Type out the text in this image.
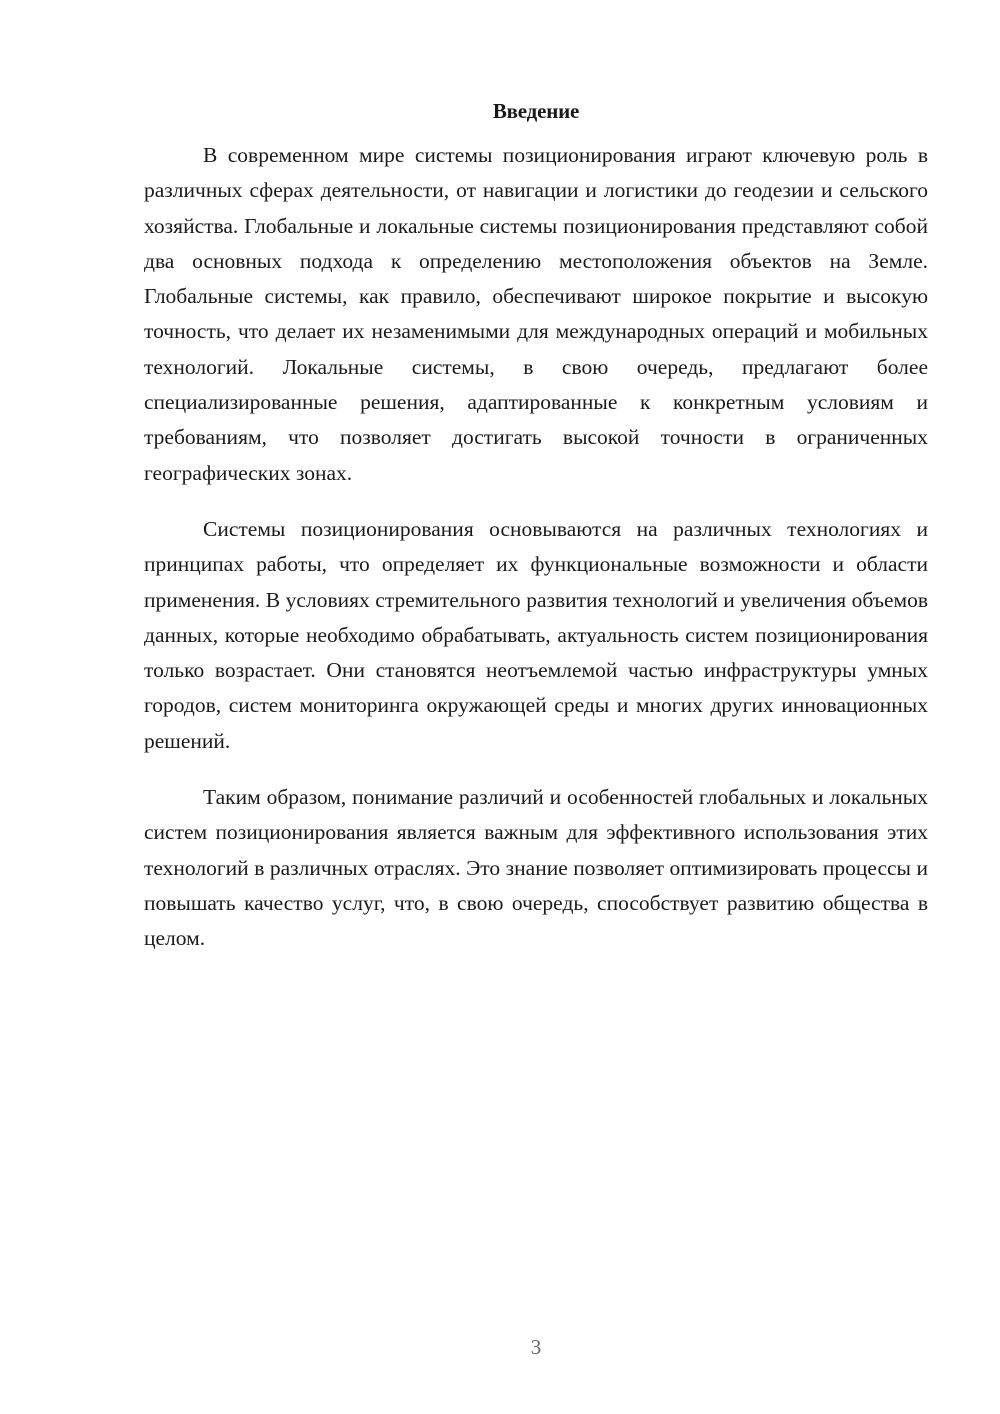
Введение

В современном мире системы позиционирования играют ключевую роль в различных сферах деятельности, от навигации и логистики до геодезии и сельского хозяйства. Глобальные и локальные системы позиционирования представляют собой два основных подхода к определению местоположения объектов на Земле. Глобальные системы, как правило, обеспечивают широкое покрытие и высокую точность, что делает их незаменимыми для международных операций и мобильных технологий. Локальные системы, в свою очередь, предлагают более специализированные решения, адаптированные к конкретным условиям и требованиям, что позволяет достигать высокой точности в ограниченных географических зонах.

Системы позиционирования основываются на различных технологиях и принципах работы, что определяет их функциональные возможности и области применения. В условиях стремительного развития технологий и увеличения объемов данных, которые необходимо обрабатывать, актуальность систем позиционирования только возрастает. Они становятся неотъемлемой частью инфраструктуры умных городов, систем мониторинга окружающей среды и многих других инновационных решений.

Таким образом, понимание различий и особенностей глобальных и локальных систем позиционирования является важным для эффективного использования этих технологий в различных отраслях. Это знание позволяет оптимизировать процессы и повышать качество услуг, что, в свою очередь, способствует развитию общества в целом.

3
